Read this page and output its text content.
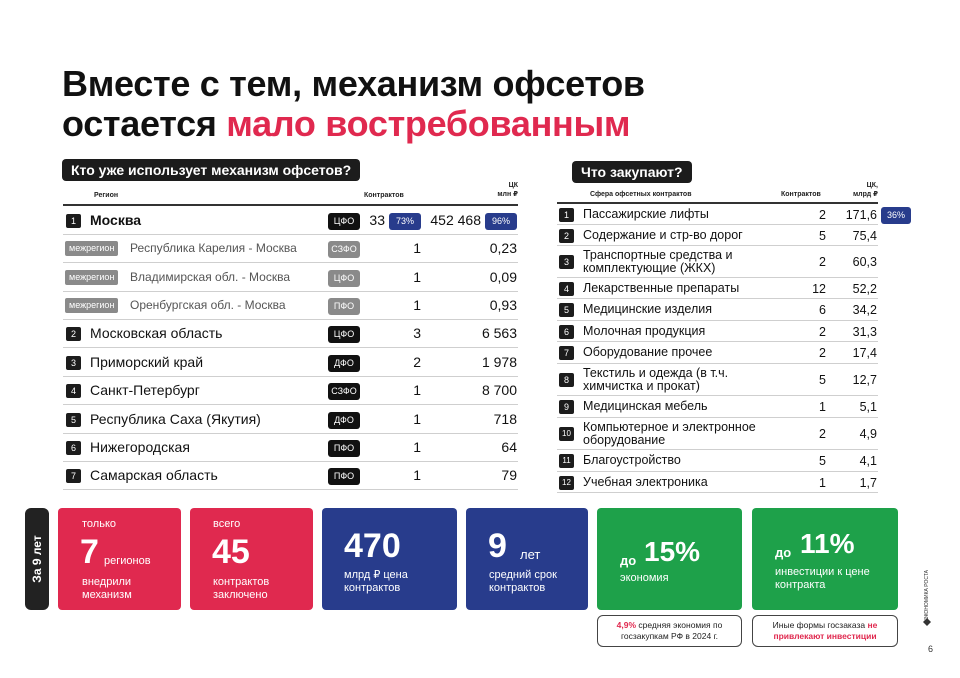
Вместе с тем, механизм офсетов
остается мало востребованным
Кто уже использует механизм офсетов?
Регион	Контрактов
ЦК
млн ₽
1	Москва	ЦФО	33	73%	452 468	96%
межрегион	Республика Карелия - Москва	СЗФО	1	0,23
межрегион	Владимирская обл. - Москва	ЦФО	1	0,09
межрегион	Оренбургская обл. - Москва	ПФО	1	0,93
2	Московская область	ЦФО	3	6 563
3	Приморский край	ДФО	2	1 978
4	Санкт-Петербург	СЗФО	1	8 700
5	Республика Саха (Якутия)	ДФО	1	718
6	Нижегородская	ПФО	1	64
7	Самарская область	ПФО	1	79
Что закупают?
Сфера офсетных контрактов	Контрактов
ЦК,
млрд ₽
1	Пассажирские лифты	2	171,6	36%
2	Содержание и стр-во дорог	5	75,4
3	Транспортные средства и комплектующие (ЖКХ)	2	60,3
4	Лекарственные препараты	12	52,2
5	Медицинские изделия	6	34,2
6	Молочная продукция	2	31,3
7	Оборудование прочее	2	17,4
8	Текстиль и одежда (в т.ч. химчистка и прокат)	5	12,7
9	Медицинская мебель	1	5,1
10 Компьютерное и электронное оборудование	2	4,9
11 Благоустройство	5	4,1
12 Учебная электроника	1	1,7
За 9 лет
только
7 регионов
внедрили механизм
всего
45
контрактов заключено
470
млрд ₽ цена контрактов
9 лет
средний срок контрактов
до 15%
экономия
до 11%
инвестиции к цене контракта
4,9% средняя экономия по госзакупкам РФ в 2024 г.
Иные формы госзаказа не привлекают инвестиции
ЭКОНОМИКА РОСТА
6
